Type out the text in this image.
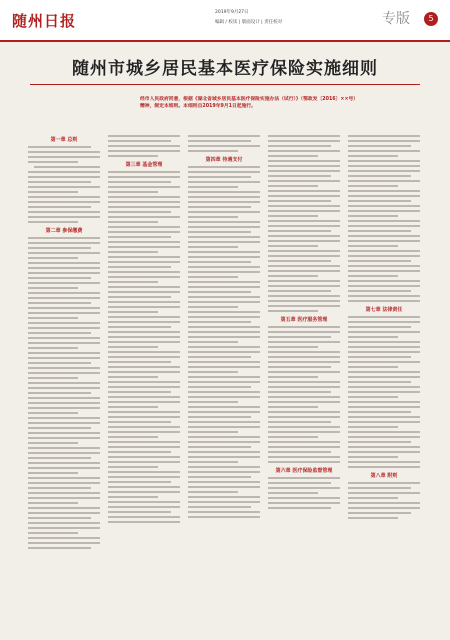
随州日报	2019年9月27日
编辑 / 校读 | 版面设计 | 责任校对	专版	5
随州市城乡居民基本医疗保险实施细则
经市人民政府同意，根据《湖北省城乡居民基本医疗保险实施办法（试行）》（鄂政发〔2016〕××号）精神，制定本细则。本细则自2019年9月1日起施行。
第一章 总则
第二章 参保缴费
第三章 基金管理
第四章 待遇支付
第五章 医疗服务管理
第六章 医疗保险监督管理
第七章 法律责任
第八章 附则
